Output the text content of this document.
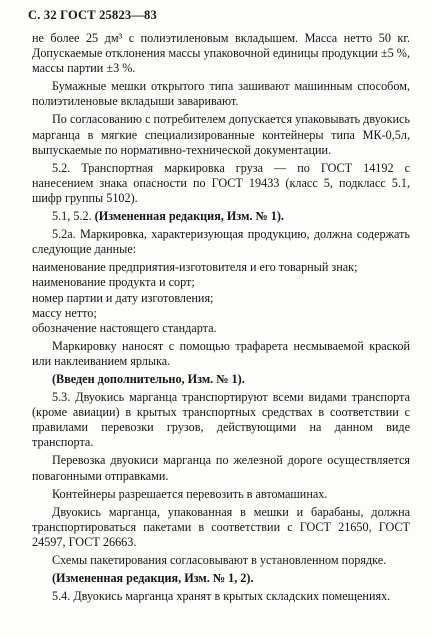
С. 32 ГОСТ 25823—83

не более 25 дм³ с полиэтиленовым вкладышем. Масса нетто 50 кг. Допускаемые отклонения массы упаковочной единицы продукции ±5 %, массы партии ±3 %.

Бумажные мешки открытого типа зашивают машинным способом, полиэтиленовые вкладыши заваривают.

По согласованию с потребителем допускается упаковывать двуокись марганца в мягкие специализированные контейнеры типа МК-0,5л, выпускаемые по нормативно-технической документации.

5.2. Транспортная маркировка груза — по ГОСТ 14192 с нанесением знака опасности по ГОСТ 19433 (класс 5, подкласс 5.1, шифр группы 5102).

5.1, 5.2. (Измененная редакция, Изм. № 1).

5.2а. Маркировка, характеризующая продукцию, должна содержать следующие данные:

наименование предприятия-изготовителя и его товарный знак;
наименование продукта и сорт;
номер партии и дату изготовления;
массу нетто;
обозначение настоящего стандарта.

Маркировку наносят с помощью трафарета несмываемой краской или наклеиванием ярлыка.

(Введен дополнительно, Изм. № 1).

5.3. Двуокись марганца транспортируют всеми видами транспорта (кроме авиации) в крытых транспортных средствах в соответствии с правилами перевозки грузов, действующими на данном виде транспорта.

Перевозка двуокиси марганца по железной дороге осуществляется повагонными отправками.

Контейнеры разрешается перевозить в автомашинах.

Двуокись марганца, упакованная в мешки и барабаны, должна транспортироваться пакетами в соответствии с ГОСТ 21650, ГОСТ 24597, ГОСТ 26663.

Схемы пакетирования согласовывают в установленном порядке.

(Измененная редакция, Изм. № 1, 2).

5.4. Двуокись марганца хранят в крытых складских помещениях.
